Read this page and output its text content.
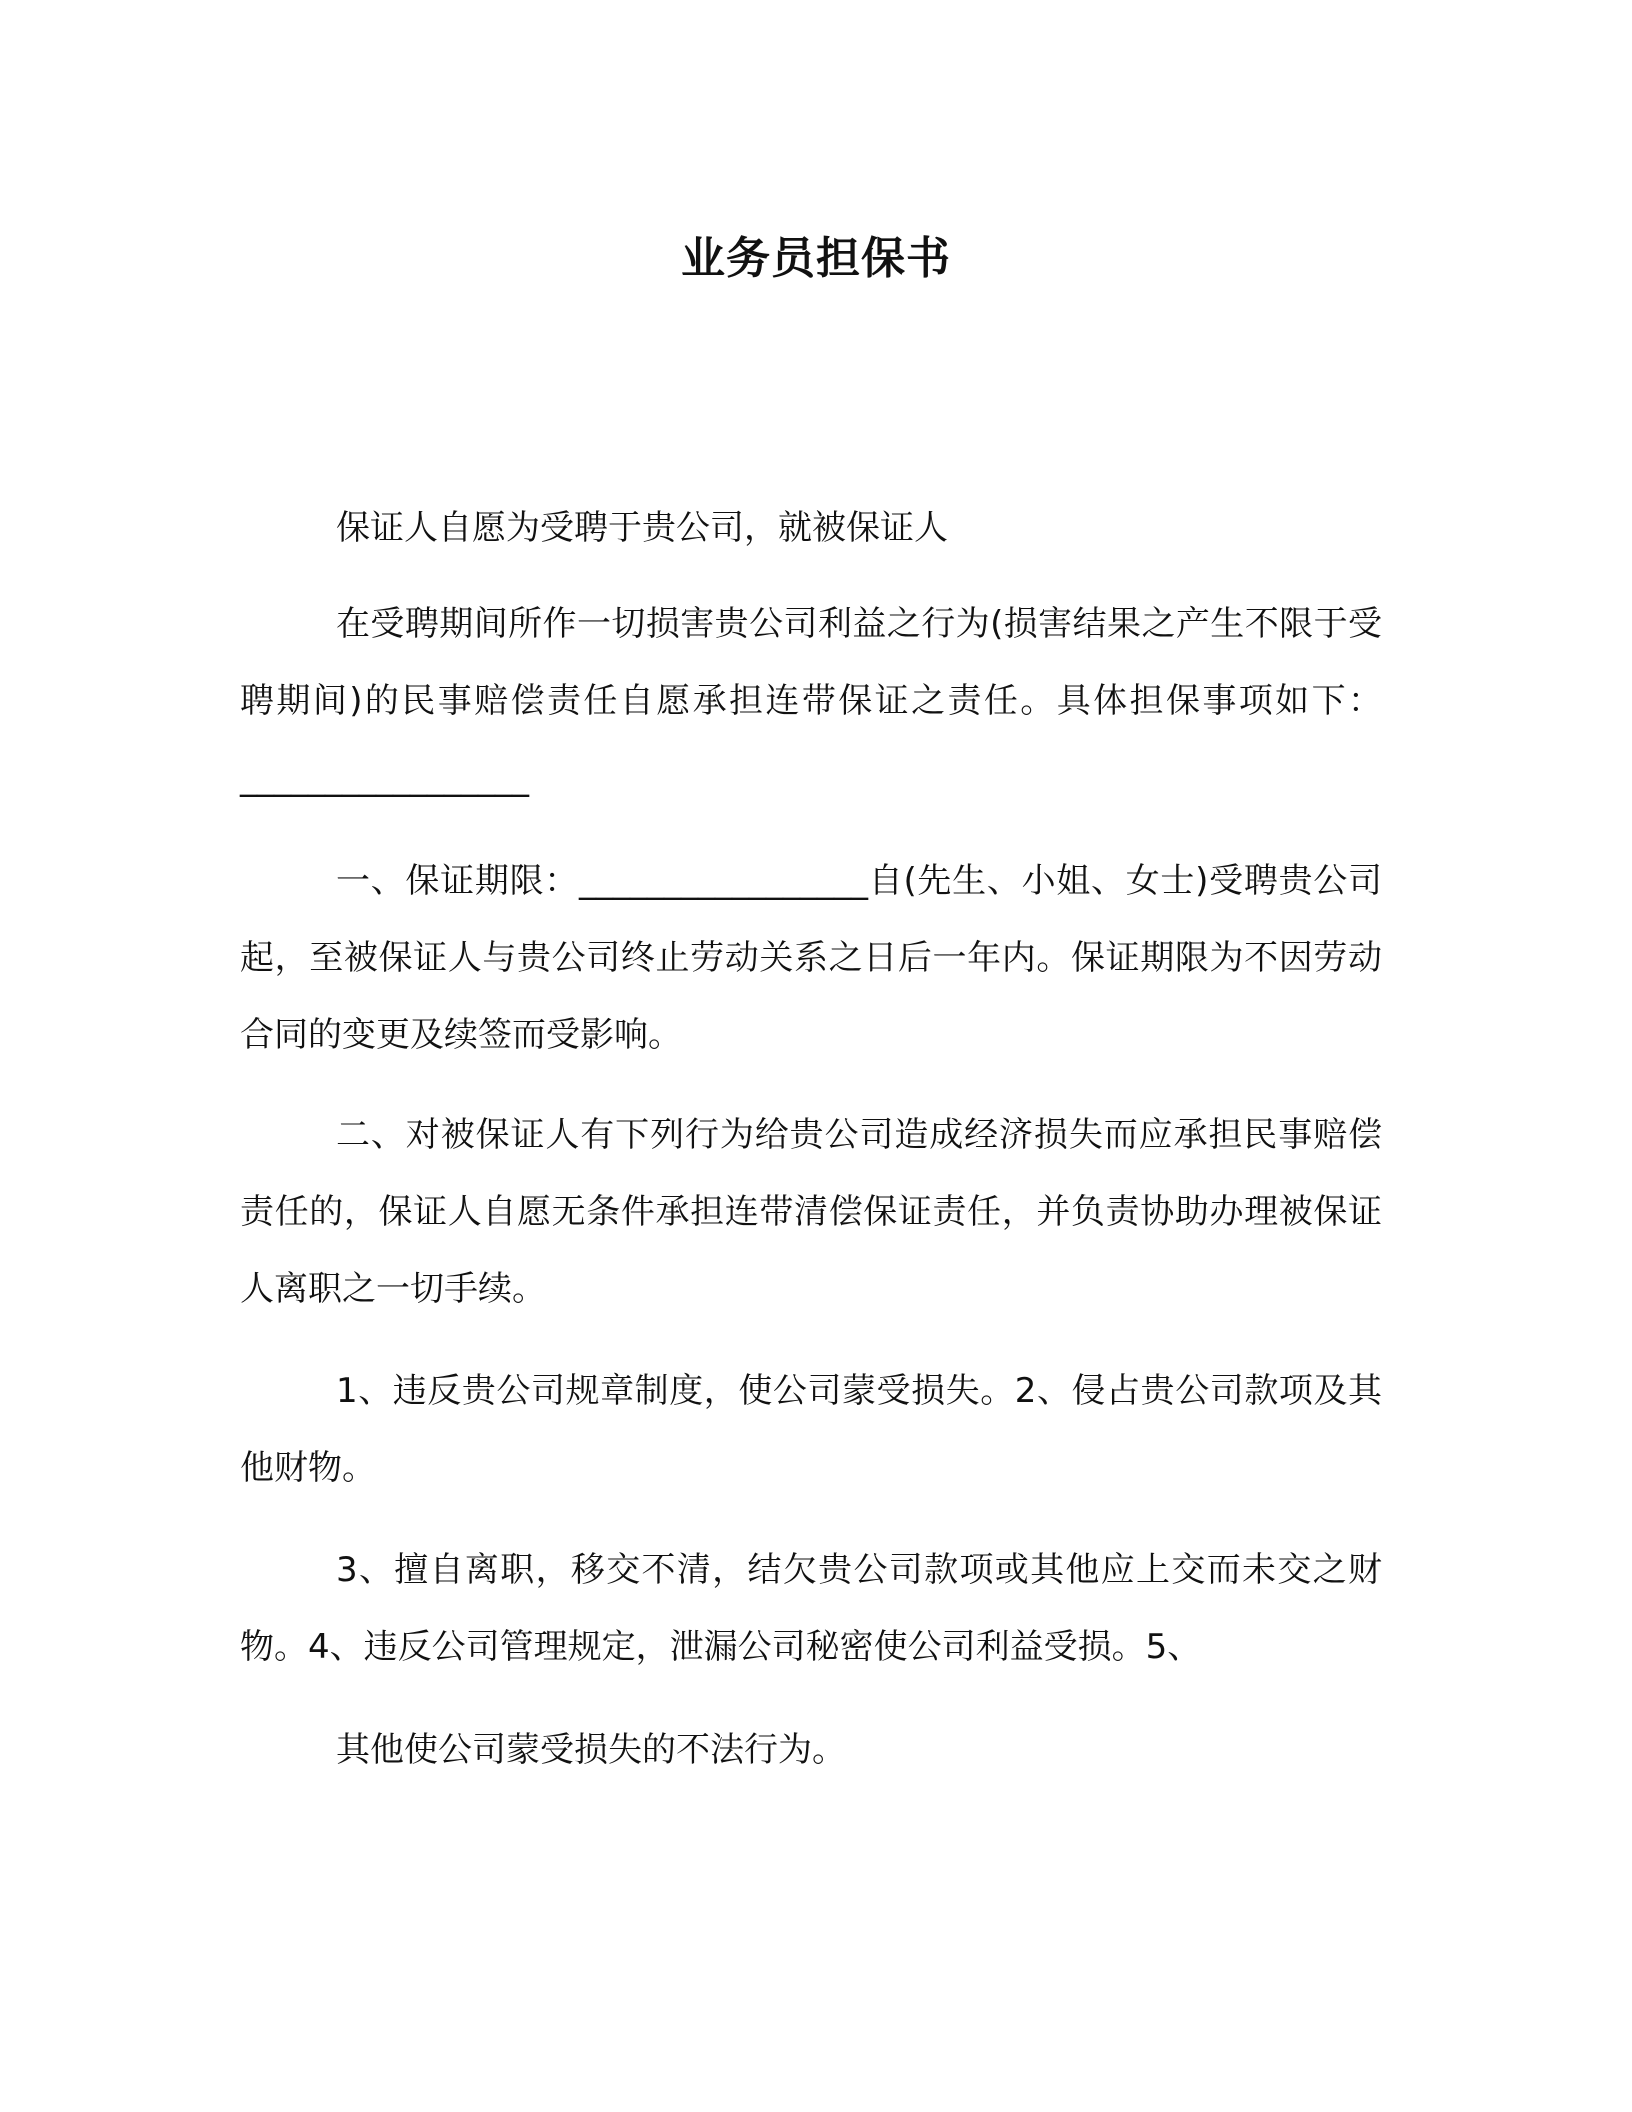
业务员担保书

保证人自愿为受聘于贵公司，就被保证人

在受聘期间所作一切损害贵公司利益之行为(损害结果之产生不限于受聘期间)的民事赔偿责任自愿承担连带保证之责任。具体担保事项如下：_________________

一、保证期限：_________________自(先生、小姐、女士)受聘贵公司起，至被保证人与贵公司终止劳动关系之日后一年内。保证期限为不因劳动合同的变更及续签而受影响。

二、对被保证人有下列行为给贵公司造成经济损失而应承担民事赔偿责任的，保证人自愿无条件承担连带清偿保证责任，并负责协助办理被保证人离职之一切手续。

1、违反贵公司规章制度，使公司蒙受损失。2、侵占贵公司款项及其他财物。

3、擅自离职，移交不清，结欠贵公司款项或其他应上交而未交之财物。4、违反公司管理规定，泄漏公司秘密使公司利益受损。5、

其他使公司蒙受损失的不法行为。
